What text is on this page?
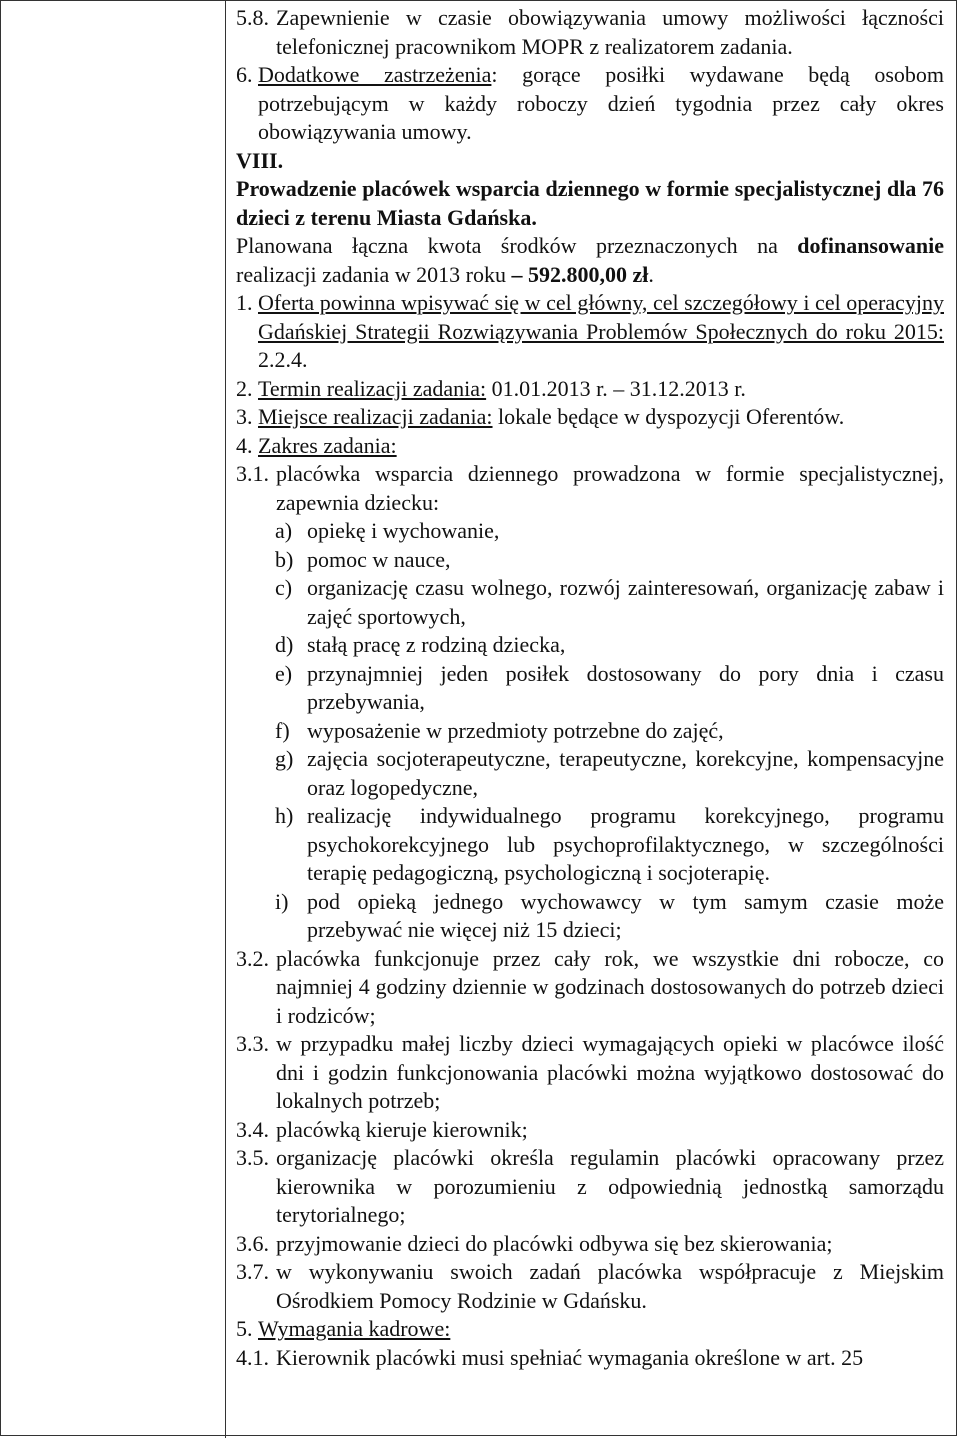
5.8. Zapewnienie w czasie obowiązywania umowy możliwości łączności telefonicznej pracownikom MOPR z realizatorem zadania.
6. Dodatkowe zastrzeżenia: gorące posiłki wydawane będą osobom potrzebującym w każdy roboczy dzień tygodnia przez cały okres obowiązywania umowy.
VIII.
Prowadzenie placówek wsparcia dziennego w formie specjalistycznej dla 76 dzieci z terenu Miasta Gdańska.
Planowana łączna kwota środków przeznaczonych na dofinansowanie realizacji zadania w 2013 roku – 592.800,00 zł.
1. Oferta powinna wpisywać się w cel główny, cel szczegółowy i cel operacyjny Gdańskiej Strategii Rozwiązywania Problemów Społecznych do roku 2015: 2.2.4.
2. Termin realizacji zadania: 01.01.2013 r. – 31.12.2013 r.
3. Miejsce realizacji zadania: lokale będące w dyspozycji Oferentów.
4. Zakres zadania:
3.1. placówka wsparcia dziennego prowadzona w formie specjalistycznej, zapewnia dziecku:
a) opiekę i wychowanie,
b) pomoc w nauce,
c) organizację czasu wolnego, rozwój zainteresowań, organizację zabaw i zajęć sportowych,
d) stałą pracę z rodziną dziecka,
e) przynajmniej jeden posiłek dostosowany do pory dnia i czasu przebywania,
f) wyposażenie w przedmioty potrzebne do zajęć,
g) zajęcia socjoterapeutyczne, terapeutyczne, korekcyjne, kompensacyjne oraz logopedyczne,
h) realizację indywidualnego programu korekcyjnego, programu psychokorekcyjnego lub psychoprofilaktycznego, w szczególności terapię pedagogiczną, psychologiczną i socjoterapię.
i) pod opieką jednego wychowawcy w tym samym czasie może przebywać nie więcej niż 15 dzieci;
3.2. placówka funkcjonuje przez cały rok, we wszystkie dni robocze, co najmniej 4 godziny dziennie w godzinach dostosowanych do potrzeb dzieci i rodziców;
3.3. w przypadku małej liczby dzieci wymagających opieki w placówce ilość dni i godzin funkcjonowania placówki można wyjątkowo dostosować do lokalnych potrzeb;
3.4. placówką kieruje kierownik;
3.5. organizację placówki określa regulamin placówki opracowany przez kierownika w porozumieniu z odpowiednią jednostką samorządu terytorialnego;
3.6. przyjmowanie dzieci do placówki odbywa się bez skierowania;
3.7. w wykonywaniu swoich zadań placówka współpracuje z Miejskim Ośrodkiem Pomocy Rodzinie w Gdańsku.
5. Wymagania kadrowe:
4.1. Kierownik placówki musi spełniać wymagania określone w art. 25
